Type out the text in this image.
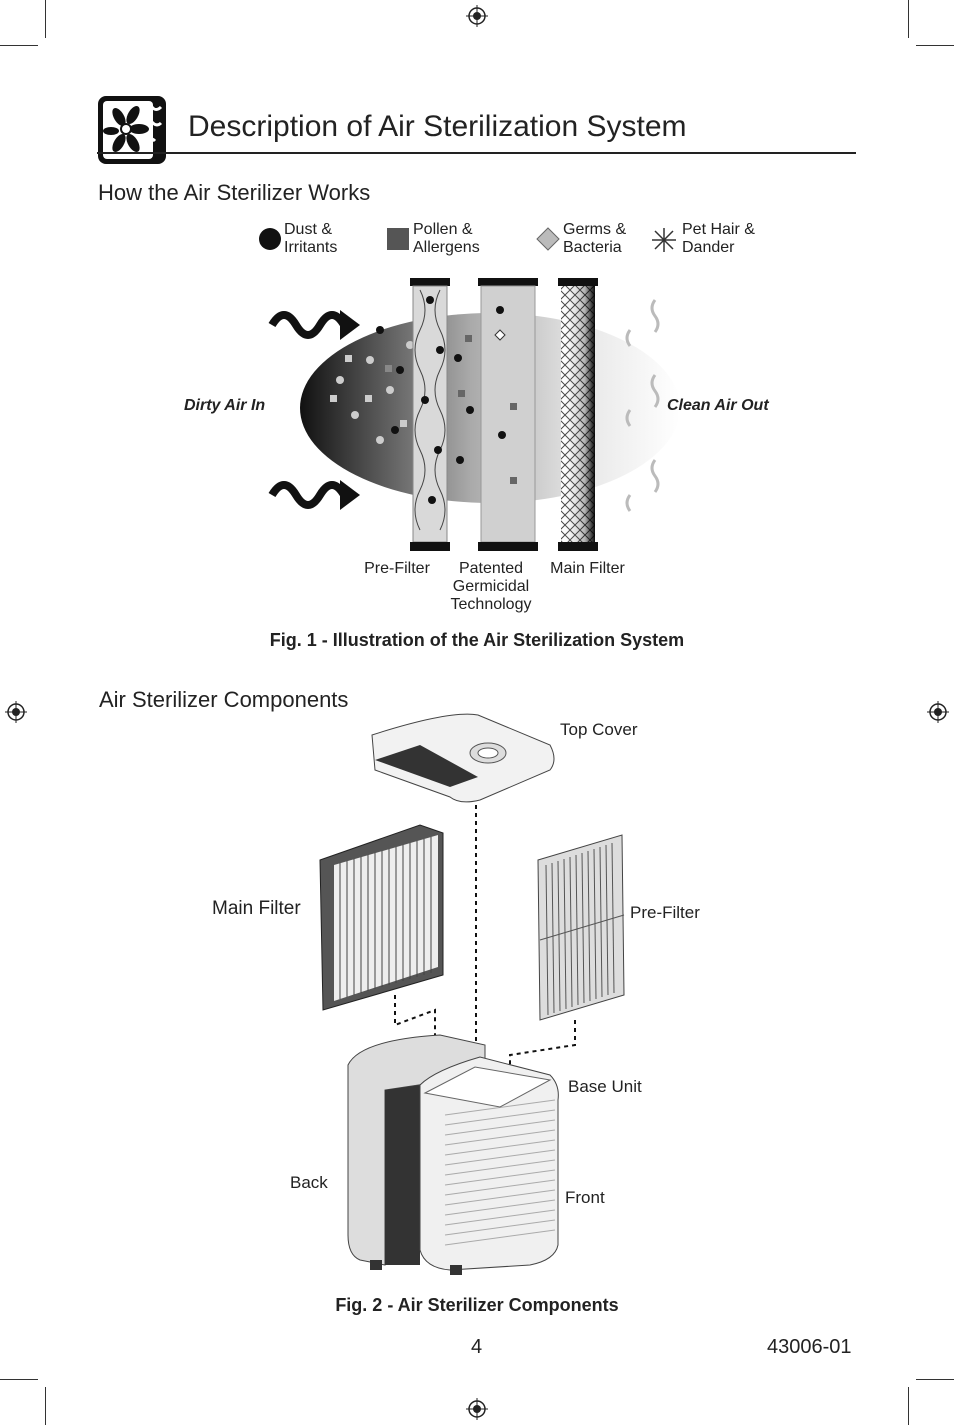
Description of Air Sterilization System
How the Air Sterilizer Works
Dust &
Irritants
Pollen &
Allergens
Germs &
Bacteria
Pet Hair &
Dander
Dirty Air In	Clean Air Out
Pre-Filter	Patented
Germicidal
Technology
Main Filter
Fig. 1 - Illustration of the Air Sterilization System
Air Sterilizer Components
Top Cover
Main Filter	Pre-Filter
Base Unit
Back
Front
Fig. 2 - Air Sterilizer Components
4	43006-01
